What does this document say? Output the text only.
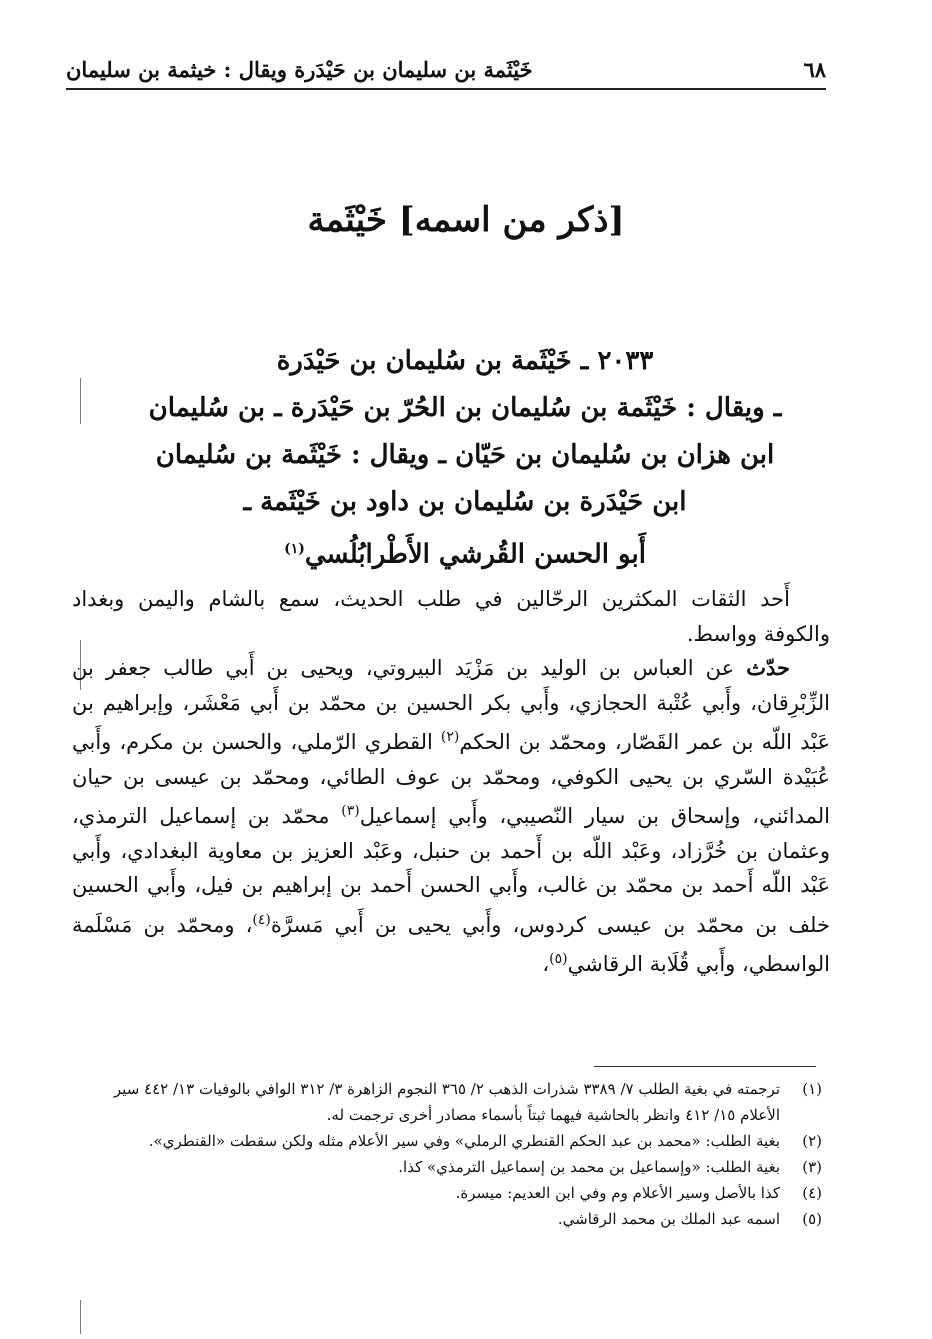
خَيْثَمة بن سليمان بن حَيْدَرة ويقال : خيثمة بن سليمان	٦٨
[ذكر من اسمه] خَيْثَمة
٢٠٣٣ ـ خَيْثَمة بن سُليمان بن حَيْدَرة
ـ ويقال : خَيْثَمة بن سُليمان بن الحُرّ بن حَيْدَرة ـ بن سُليمان
ابن هزان بن سُليمان بن حَيّان ـ ويقال : خَيْثَمة بن سُليمان
ابن حَيْدَرة بن سُليمان بن داود بن خَيْثَمة ـ
أَبو الحسن القُرشي الأَطْرابُلُسي$^{(١)}$

أَحد الثقات المكثرين الرحّالين في طلب الحديث، سمع بالشام واليمن وبغداد والكوفة وواسط.

حدّث عن العباس بن الوليد بن مَزْيَد البيروتي، ويحيى بن أَبي طالب جعفر بن الزِّبْرِقان، وأَبي عُتْبة الحجازي، وأَبي بكر الحسين بن محمّد بن أَبي مَعْشَر، وإبراهيم بن عَبْد اللّه بن عمر القَصّار، ومحمّد بن الحكم$^{(٢)}$ القطري الرّملي، والحسن بن مكرم، وأَبي عُبَيْدة السّري بن يحيى الكوفي، ومحمّد بن عوف الطائي، ومحمّد بن عيسى بن حيان المدائني، وإسحاق بن سيار النّصيبي، وأَبي إسماعيل$^{(٣)}$ محمّد بن إسماعيل الترمذي، وعثمان بن خُرَّزاد، وعَبْد اللّه بن أَحمد بن حنبل، وعَبْد العزيز بن معاوية البغدادي، وأَبي عَبْد اللّه أَحمد بن محمّد بن غالب، وأَبي الحسن أَحمد بن إبراهيم بن فيل، وأَبي الحسين خلف بن محمّد بن عيسى كردوس، وأَبي يحيى بن أَبي مَسرَّة$^{(٤)}$، ومحمّد بن مَسْلَمة الواسطي، وأَبي قُلَابة الرقاشي$^{(٥)}$،

(١)
ترجمته في بغية الطلب ٧/ ٣٣٨٩ شذرات الذهب ٢/ ٣٦٥ النجوم الزاهرة ٣/ ٣١٢ الوافي بالوفيات ١٣/ ٤٤٢ سير الأعلام ١٥/ ٤١٢ وانظر بالحاشية فيهما ثبتاً بأسماء مصادر أخرى ترجمت له.
(٢)
بغية الطلب: «محمد بن عبد الحكم القنطري الرملي» وفي سير الأعلام مثله ولكن سقطت «القنطري».
(٣)
بغية الطلب: «وإسماعيل بن محمد بن إسماعيل الترمذي» كذا.
(٤)
كذا بالأصل وسير الأعلام وم وفي ابن العديم: ميسرة.
(٥)
اسمه عبد الملك بن محمد الرقاشي.
